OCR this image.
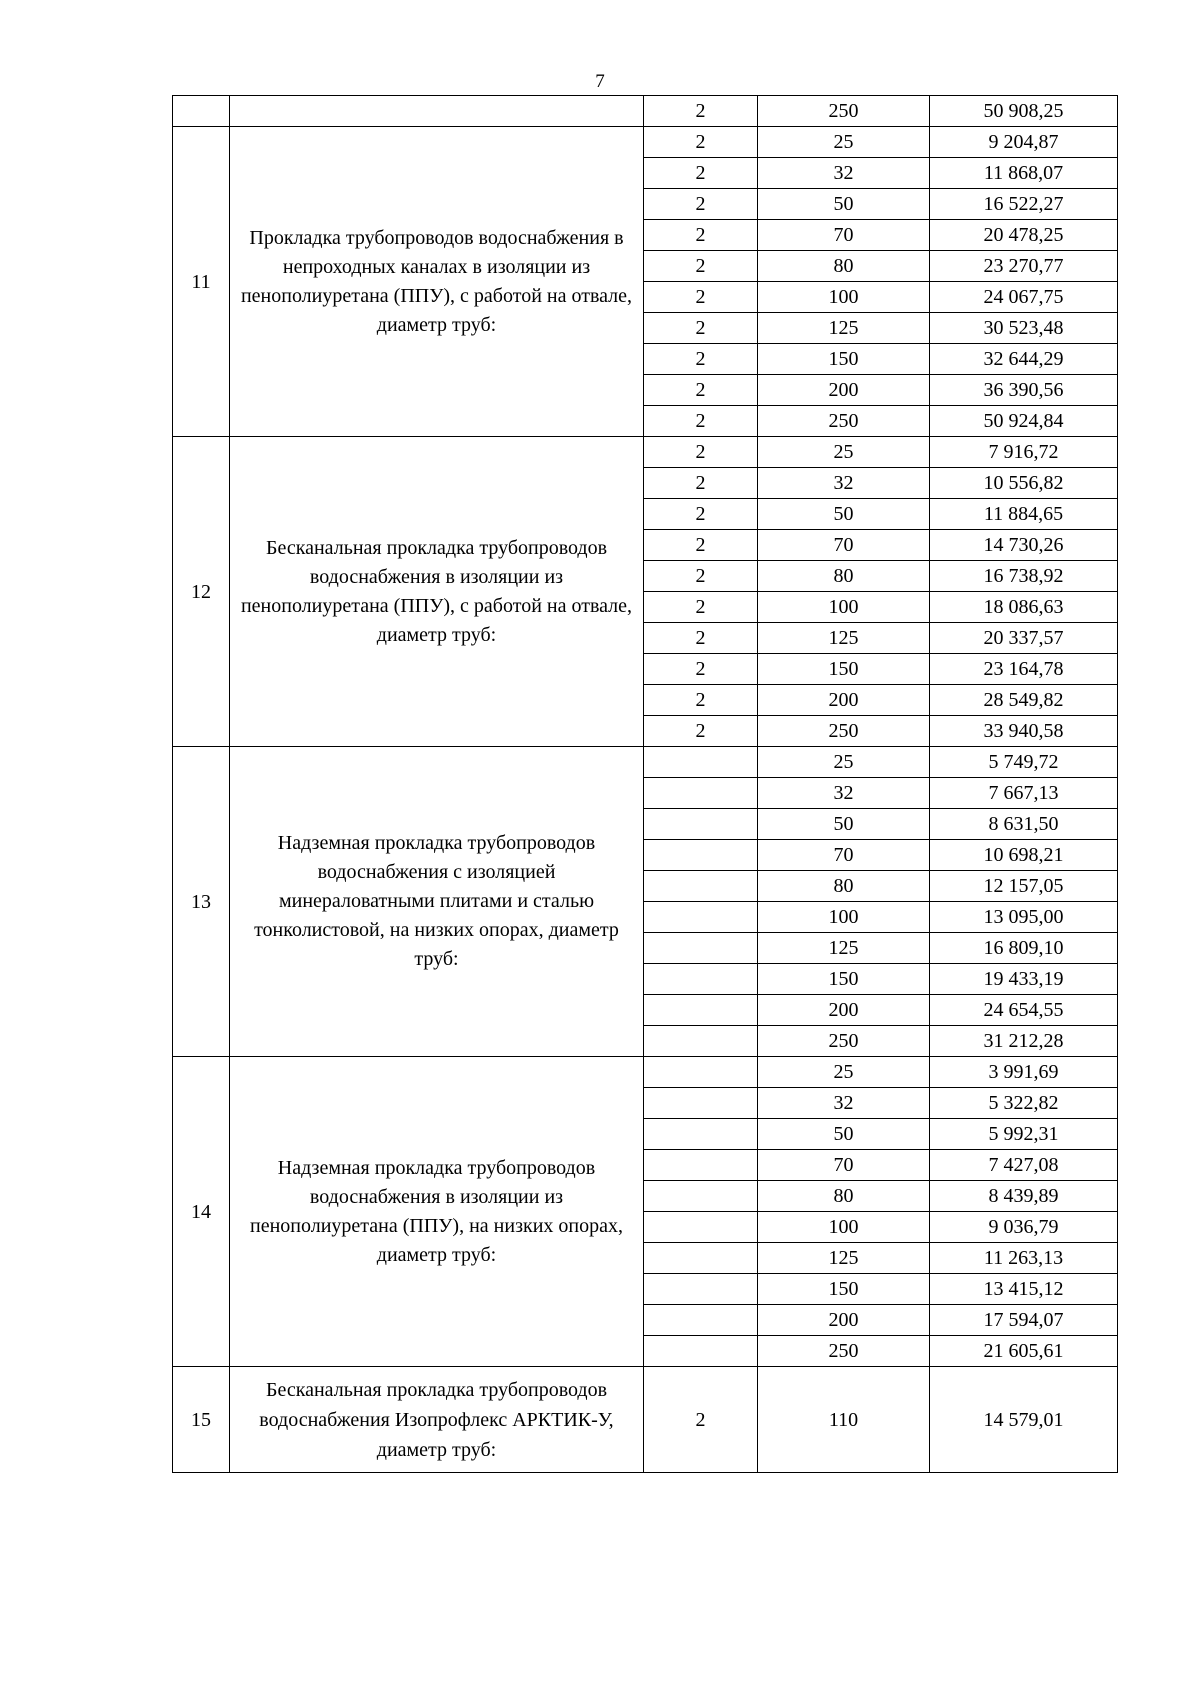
7
		2	250	50 908,25
11	Прокладка трубопроводов водоснабжения в непроходных каналах в изоляции из пенополиуретана (ППУ), с работой на отвале, диаметр труб:	2	25	9 204,87
		2	32	11 868,07
		2	50	16 522,27
		2	70	20 478,25
		2	80	23 270,77
		2	100	24 067,75
		2	125	30 523,48
		2	150	32 644,29
		2	200	36 390,56
		2	250	50 924,84
12	Бесканальная прокладка трубопроводов водоснабжения в изоляции из пенополиуретана (ППУ), с работой на отвале, диаметр труб:	2	25	7 916,72
		2	32	10 556,82
		2	50	11 884,65
		2	70	14 730,26
		2	80	16 738,92
		2	100	18 086,63
		2	125	20 337,57
		2	150	23 164,78
		2	200	28 549,82
		2	250	33 940,58
13	Надземная прокладка трубопроводов водоснабжения с изоляцией минераловатными плитами и сталью тонколистовой, на низких опорах, диаметр труб:		25	5 749,72
			32	7 667,13
			50	8 631,50
			70	10 698,21
			80	12 157,05
			100	13 095,00
			125	16 809,10
			150	19 433,19
			200	24 654,55
			250	31 212,28
14	Надземная прокладка трубопроводов водоснабжения в изоляции из пенополиуретана (ППУ), на низких опорах, диаметр труб:		25	3 991,69
			32	5 322,82
			50	5 992,31
			70	7 427,08
			80	8 439,89
			100	9 036,79
			125	11 263,13
			150	13 415,12
			200	17 594,07
			250	21 605,61
15	Бесканальная прокладка трубопроводов водоснабжения Изопрофлекс АРКТИК-У, диаметр труб:	2	110	14 579,01
